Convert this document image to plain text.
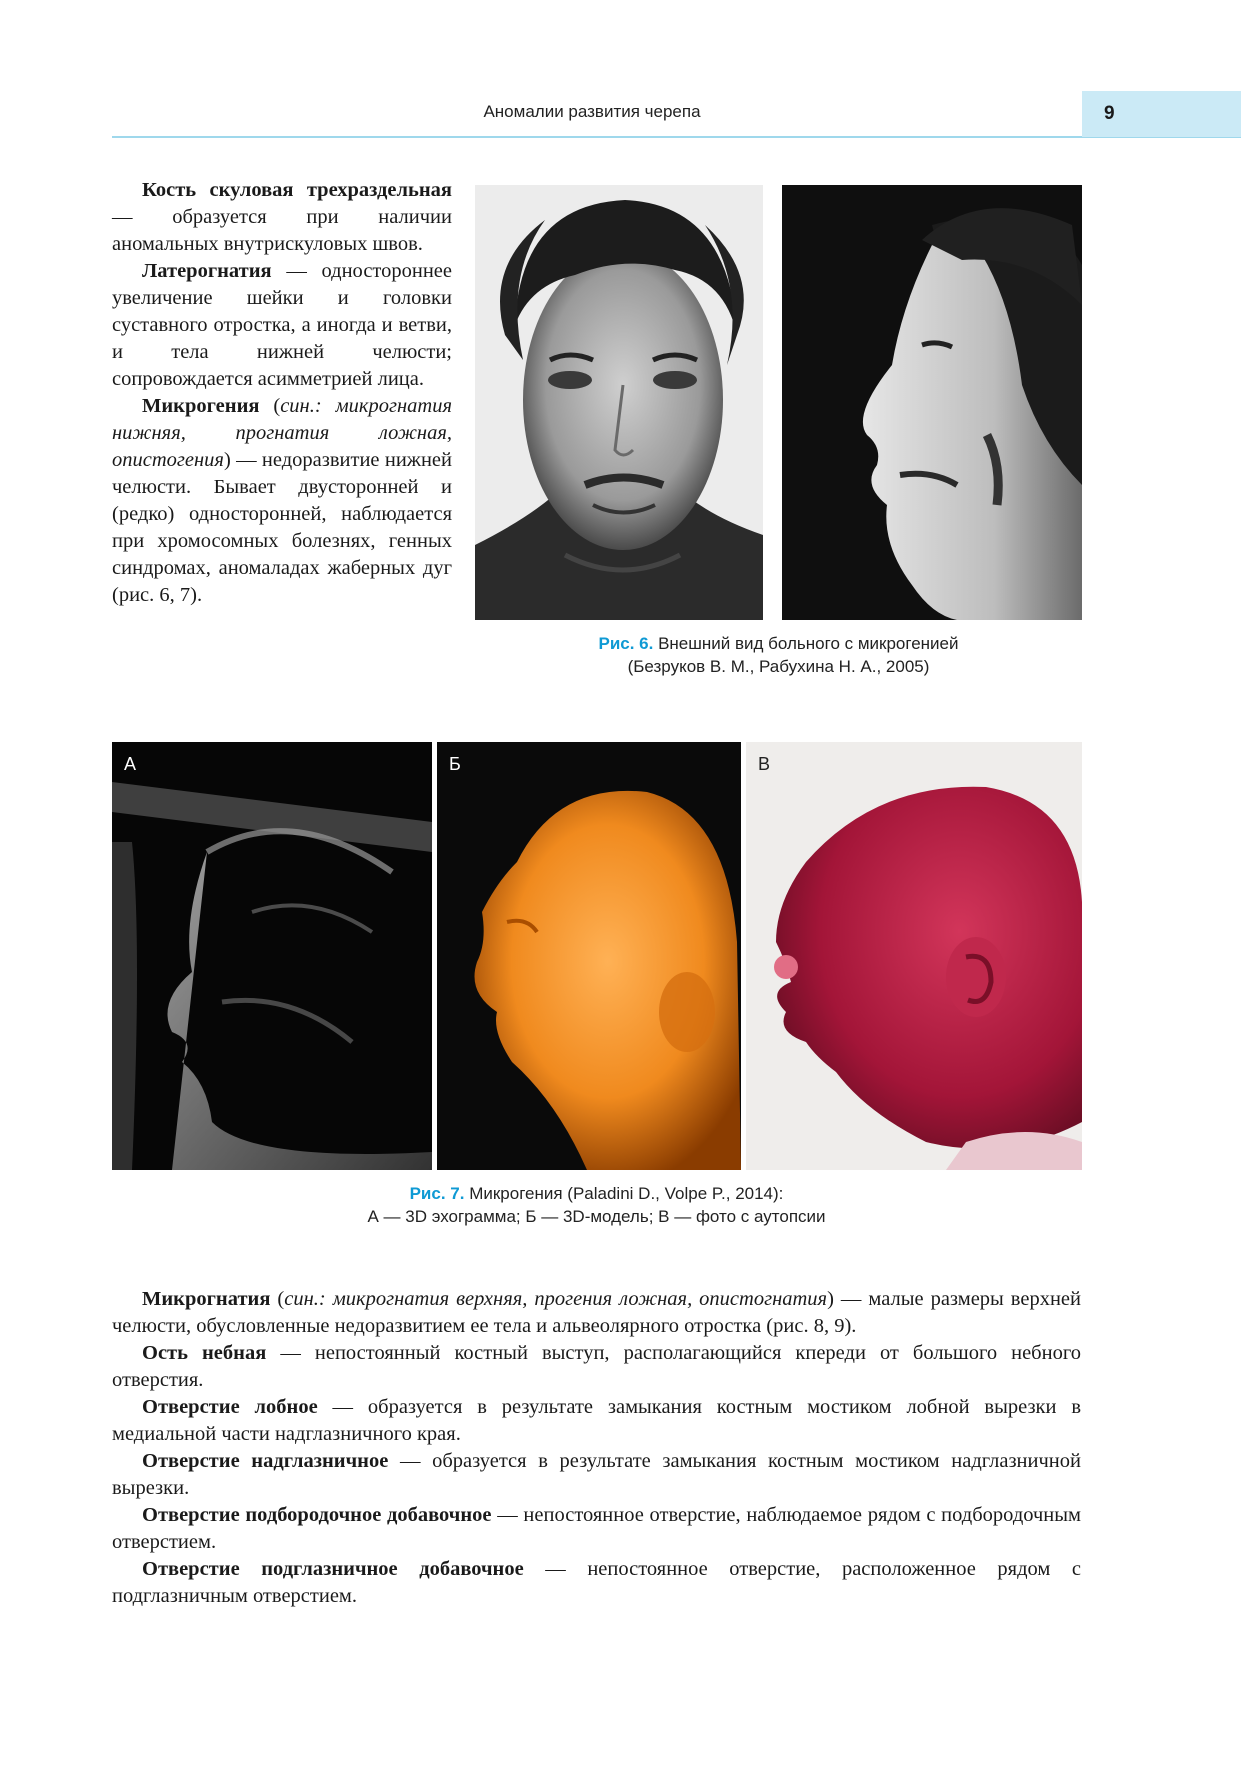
Аномалии развития черепа	9

Кость скуловая трехраздельная — образуется при наличии аномальных внутрискуловых швов.

Латерогнатия — одностороннее увеличение шейки и головки суставного отростка, а иногда и ветви, и тела нижней челюсти; сопровождается асимметрией лица.

Микрогения (син.: микрогнатия нижняя, прогнатия ложная, опистогения) — недоразвитие нижней челюсти. Бывает двусторонней и (редко) односторонней, наблюдается при хромосомных болезнях, генных синдромах, аномаладах жаберных дуг (рис. 6, 7).

Рис. 6. Внешний вид больного с микрогенией
(Безруков В. М., Рабухина Н. А., 2005)
А	Б	В
Рис. 7. Микрогения (Paladini D., Volpe P., 2014):
А — 3D эхограмма; Б — 3D-модель; В — фото с аутопсии

Микрогнатия (син.: микрогнатия верхняя, прогения ложная, опистогнатия) — малые размеры верхней челюсти, обусловленные недоразвитием ее тела и альвеолярного отростка (рис. 8, 9).

Ость небная — непостоянный костный выступ, располагающийся кпереди от большого небного отверстия.

Отверстие лобное — образуется в результате замыкания костным мостиком лобной вырезки в медиальной части надглазничного края.

Отверстие надглазничное — образуется в результате замыкания костным мостиком надглазничной вырезки.

Отверстие подбородочное добавочное — непостоянное отверстие, наблюдаемое рядом с подбородочным отверстием.

Отверстие подглазничное добавочное — непостоянное отверстие, расположенное рядом с подглазничным отверстием.
